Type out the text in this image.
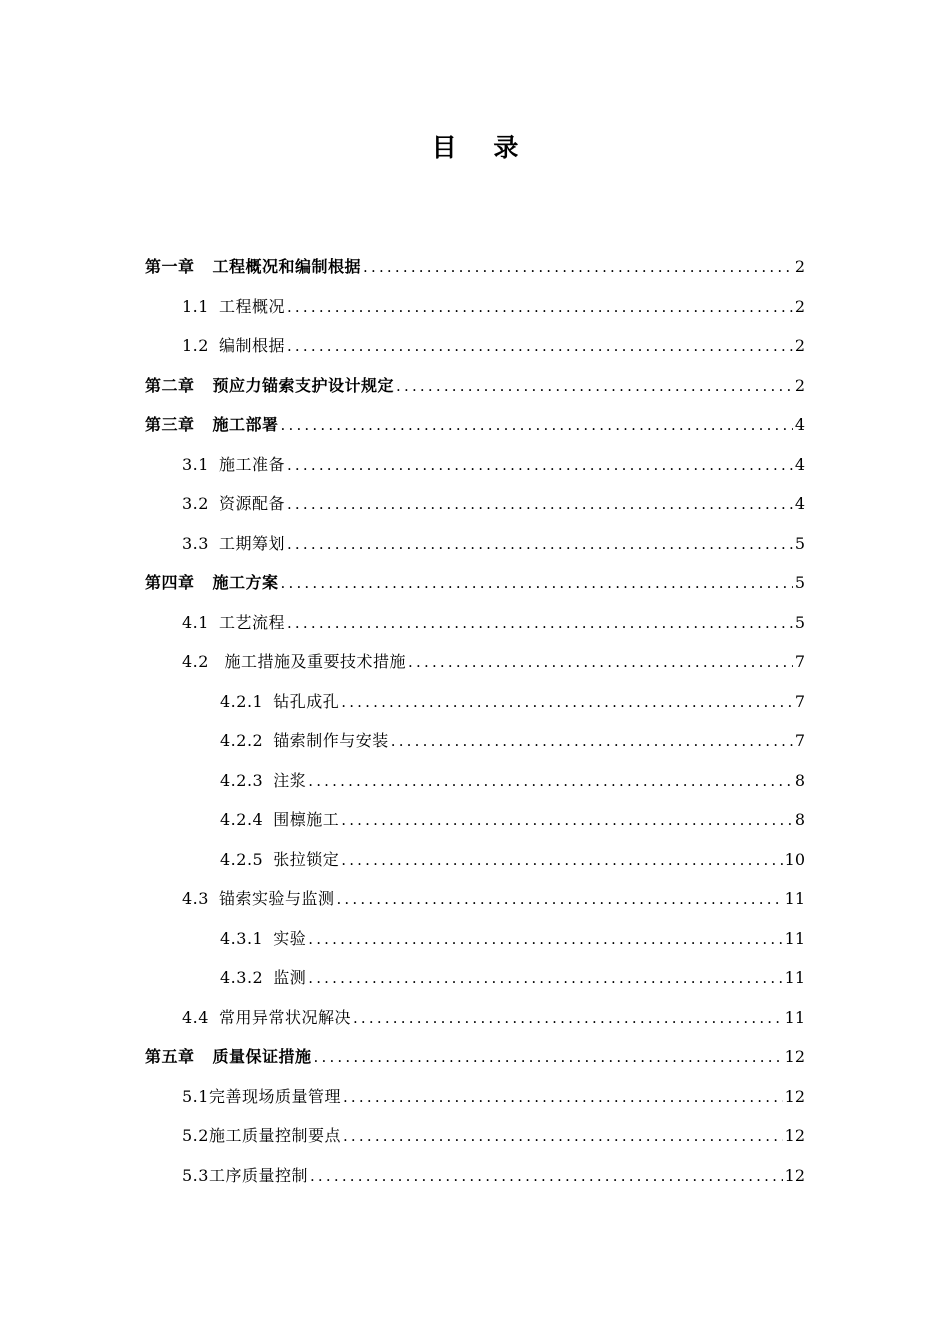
目 录
第一章 工程概况和编制根据 .....	2
1.1 工程概况 .....	2
1.2 编制根据 .....	2
第二章 预应力锚索支护设计规定 .....	2
第三章 施工部署 .....	4
3.1 施工准备 .....	4
3.2 资源配备 .....	4
3.3 工期筹划 .....	5
第四章 施工方案 .....	5
4.1 工艺流程 .....	5
4.2 施工措施及重要技术措施 .....	7
4.2.1 钻孔成孔 .....	7
4.2.2 锚索制作与安装 .....	7
4.2.3 注浆 .....	8
4.2.4 围檩施工 .....	8
4.2.5 张拉锁定 .....	10
4.3 锚索实验与监测 .....	11
4.3.1 实验 .....	11
4.3.2 监测 .....	11
4.4 常用异常状况解决 .....	11
第五章 质量保证措施 .....	12
5.1完善现场质量管理 .....	12
5.2施工质量控制要点 .....	12
5.3工序质量控制 .....	12
